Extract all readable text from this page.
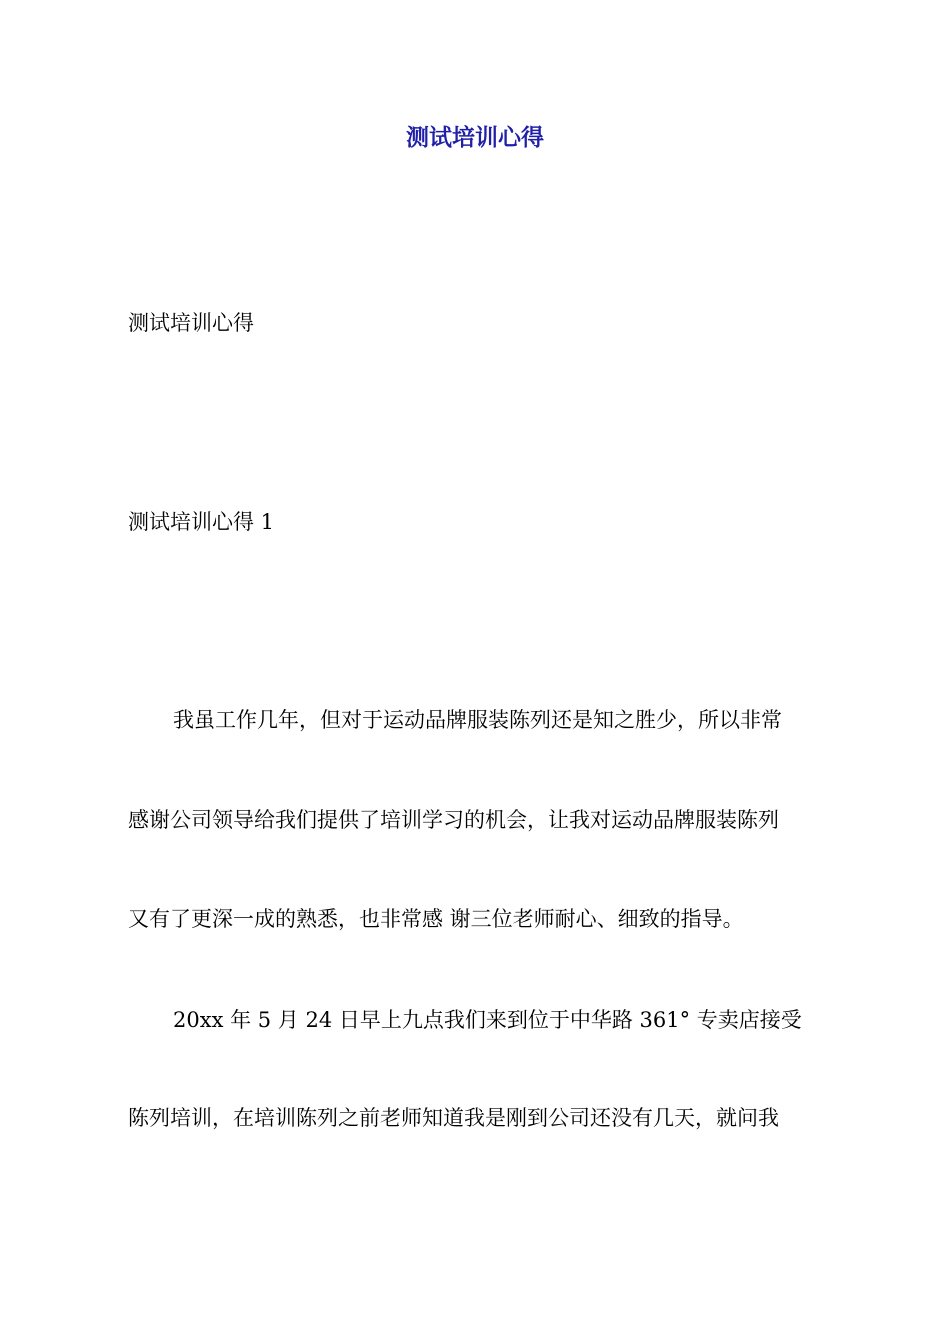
测试培训心得

测试培训心得

测试培训心得 1

我虽工作几年，但对于运动品牌服装陈列还是知之胜少，所以非常

感谢公司领导给我们提供了培训学习的机会，让我对运动品牌服装陈列

又有了更深一成的熟悉，也非常感 谢三位老师耐心、细致的指导。

20xx 年 5 月 24 日早上九点我们来到位于中华路 361° 专卖店接受

陈列培训，在培训陈列之前老师知道我是刚到公司还没有几天，就问我
